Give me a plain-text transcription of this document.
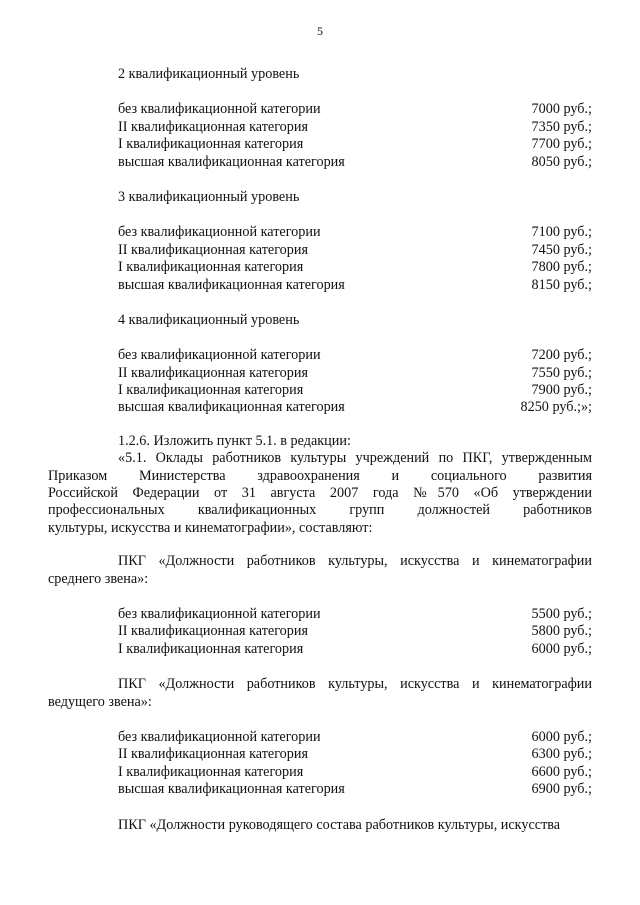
5
2 квалификационный уровень
без квалификационной категории	7000 руб.;
II квалификационная категория	7350 руб.;
I квалификационная категория	7700 руб.;
высшая квалификационная категория	8050 руб.;
3 квалификационный уровень
без квалификационной категории	7100 руб.;
II квалификационная категория	7450 руб.;
I квалификационная категория	7800 руб.;
высшая квалификационная категория	8150 руб.;
4 квалификационный уровень
без квалификационной категории	7200 руб.;
II квалификационная категория	7550 руб.;
I квалификационная категория	7900 руб.;
высшая квалификационная категория	8250 руб.;»;
1.2.6. Изложить пункт 5.1. в редакции:
«5.1. Оклады работников культуры учреждений по ПКГ, утвержденным
Приказом Министерства здравоохранения и социального развития
Российской Федерации от 31 августа 2007 года №570 «Об утверждении
профессиональных квалификационных групп должностей работников
культуры, искусства и кинематографии», составляют:
ПКГ «Должности работников культуры, искусства и кинематографии
среднего звена»:
без квалификационной категории	5500 руб.;
II квалификационная категория	5800 руб.;
I квалификационная категория	6000 руб.;
ПКГ «Должности работников культуры, искусства и кинематографии
ведущего звена»:
без квалификационной категории	6000 руб.;
II квалификационная категория	6300 руб.;
I квалификационная категория	6600 руб.;
высшая квалификационная категория	6900 руб.;
ПКГ «Должности руководящего состава работников культуры, искусства
